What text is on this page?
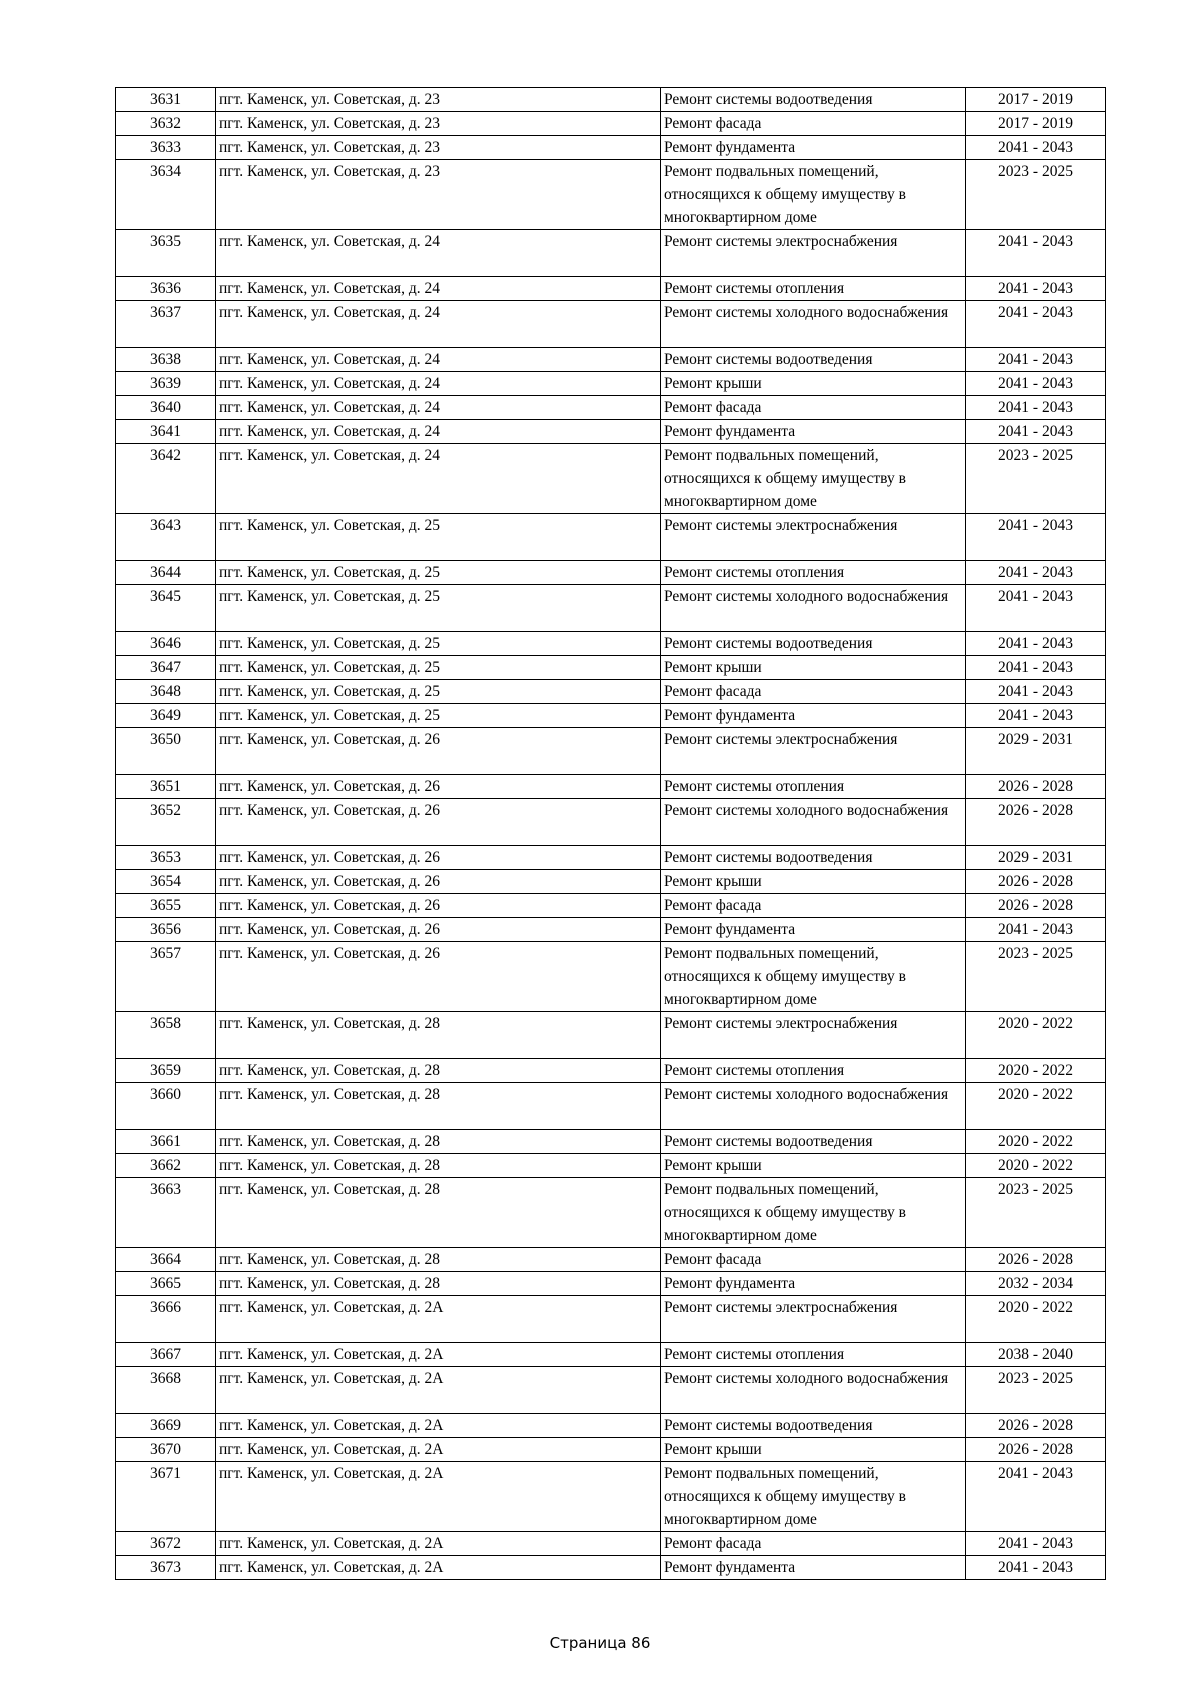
3631	пгт. Каменск, ул. Советская, д. 23	Ремонт системы водоотведения	2017 - 2019
3632	пгт. Каменск, ул. Советская, д. 23	Ремонт фасада	2017 - 2019
3633	пгт. Каменск, ул. Советская, д. 23	Ремонт фундамента	2041 - 2043
3634	пгт. Каменск, ул. Советская, д. 23	Ремонт подвальных помещений, относящихся к общему имуществу в многоквартирном доме	2023 - 2025
3635	пгт. Каменск, ул. Советская, д. 24	Ремонт системы электроснабжения	2041 - 2043
3636	пгт. Каменск, ул. Советская, д. 24	Ремонт системы отопления	2041 - 2043
3637	пгт. Каменск, ул. Советская, д. 24	Ремонт системы холодного водоснабжения	2041 - 2043
3638	пгт. Каменск, ул. Советская, д. 24	Ремонт системы водоотведения	2041 - 2043
3639	пгт. Каменск, ул. Советская, д. 24	Ремонт крыши	2041 - 2043
3640	пгт. Каменск, ул. Советская, д. 24	Ремонт фасада	2041 - 2043
3641	пгт. Каменск, ул. Советская, д. 24	Ремонт фундамента	2041 - 2043
3642	пгт. Каменск, ул. Советская, д. 24	Ремонт подвальных помещений, относящихся к общему имуществу в многоквартирном доме	2023 - 2025
3643	пгт. Каменск, ул. Советская, д. 25	Ремонт системы электроснабжения	2041 - 2043
3644	пгт. Каменск, ул. Советская, д. 25	Ремонт системы отопления	2041 - 2043
3645	пгт. Каменск, ул. Советская, д. 25	Ремонт системы холодного водоснабжения	2041 - 2043
3646	пгт. Каменск, ул. Советская, д. 25	Ремонт системы водоотведения	2041 - 2043
3647	пгт. Каменск, ул. Советская, д. 25	Ремонт крыши	2041 - 2043
3648	пгт. Каменск, ул. Советская, д. 25	Ремонт фасада	2041 - 2043
3649	пгт. Каменск, ул. Советская, д. 25	Ремонт фундамента	2041 - 2043
3650	пгт. Каменск, ул. Советская, д. 26	Ремонт системы электроснабжения	2029 - 2031
3651	пгт. Каменск, ул. Советская, д. 26	Ремонт системы отопления	2026 - 2028
3652	пгт. Каменск, ул. Советская, д. 26	Ремонт системы холодного водоснабжения	2026 - 2028
3653	пгт. Каменск, ул. Советская, д. 26	Ремонт системы водоотведения	2029 - 2031
3654	пгт. Каменск, ул. Советская, д. 26	Ремонт крыши	2026 - 2028
3655	пгт. Каменск, ул. Советская, д. 26	Ремонт фасада	2026 - 2028
3656	пгт. Каменск, ул. Советская, д. 26	Ремонт фундамента	2041 - 2043
3657	пгт. Каменск, ул. Советская, д. 26	Ремонт подвальных помещений, относящихся к общему имуществу в многоквартирном доме	2023 - 2025
3658	пгт. Каменск, ул. Советская, д. 28	Ремонт системы электроснабжения	2020 - 2022
3659	пгт. Каменск, ул. Советская, д. 28	Ремонт системы отопления	2020 - 2022
3660	пгт. Каменск, ул. Советская, д. 28	Ремонт системы холодного водоснабжения	2020 - 2022
3661	пгт. Каменск, ул. Советская, д. 28	Ремонт системы водоотведения	2020 - 2022
3662	пгт. Каменск, ул. Советская, д. 28	Ремонт крыши	2020 - 2022
3663	пгт. Каменск, ул. Советская, д. 28	Ремонт подвальных помещений, относящихся к общему имуществу в многоквартирном доме	2023 - 2025
3664	пгт. Каменск, ул. Советская, д. 28	Ремонт фасада	2026 - 2028
3665	пгт. Каменск, ул. Советская, д. 28	Ремонт фундамента	2032 - 2034
3666	пгт. Каменск, ул. Советская, д. 2А	Ремонт системы электроснабжения	2020 - 2022
3667	пгт. Каменск, ул. Советская, д. 2А	Ремонт системы отопления	2038 - 2040
3668	пгт. Каменск, ул. Советская, д. 2А	Ремонт системы холодного водоснабжения	2023 - 2025
3669	пгт. Каменск, ул. Советская, д. 2А	Ремонт системы водоотведения	2026 - 2028
3670	пгт. Каменск, ул. Советская, д. 2А	Ремонт крыши	2026 - 2028
3671	пгт. Каменск, ул. Советская, д. 2А	Ремонт подвальных помещений, относящихся к общему имуществу в многоквартирном доме	2041 - 2043
3672	пгт. Каменск, ул. Советская, д. 2А	Ремонт фасада	2041 - 2043
3673	пгт. Каменск, ул. Советская, д. 2А	Ремонт фундамента	2041 - 2043
Страница 86
